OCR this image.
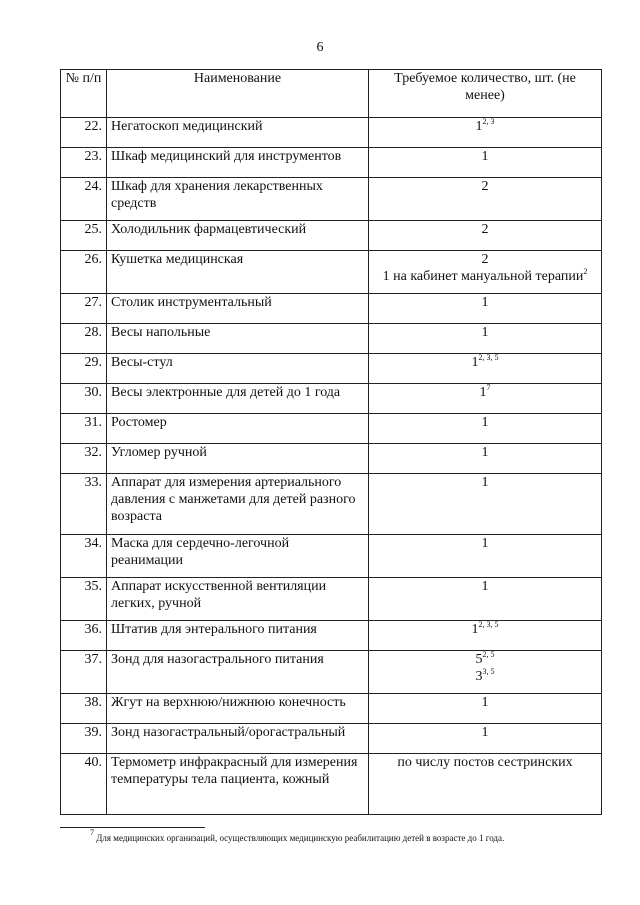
6
№ п/п	Наименование	Требуемое количество, шт. (не менее)
22.	Негатоскоп медицинский	1$^{2, 3}$

23.	Шкаф медицинский для инструментов	1

24.	Шкаф для хранения лекарственных средств	2

25.	Холодильник фармацевтический	2

26.	Кушетка медицинская	2
1 на кабинет мануальной терапии$^2$

27.	Столик инструментальный	1

28.	Весы напольные	1

29.	Весы-стул	1$^{2, 3, 5}$

30.	Весы электронные для детей до 1 года	$1^7$

31.	Ростомер	1

32.	Угломер ручной	1

33.	Аппарат для измерения артериального давления с манжетами для детей разного возраста	1

34.	Маска для сердечно-легочной реанимации	1

35.	Аппарат искусственной вентиляции легких, ручной	1

36.	Штатив для энтерального питания	1$^{2, 3, 5}$

37.	Зонд для назогастрального питания	5$^{2, 5}$
3$^{3, 5}$

38.	Жгут на верхнюю/нижнюю конечность	1

39.	Зонд назогастральный/орогастральный	1

40.	Термометр инфракрасный для измерения температуры тела пациента, кожный	по числу постов сестринских
$^7$ Для медицинских организаций, осуществляющих медицинскую реабилитацию детей в возрасте до 1 года.
